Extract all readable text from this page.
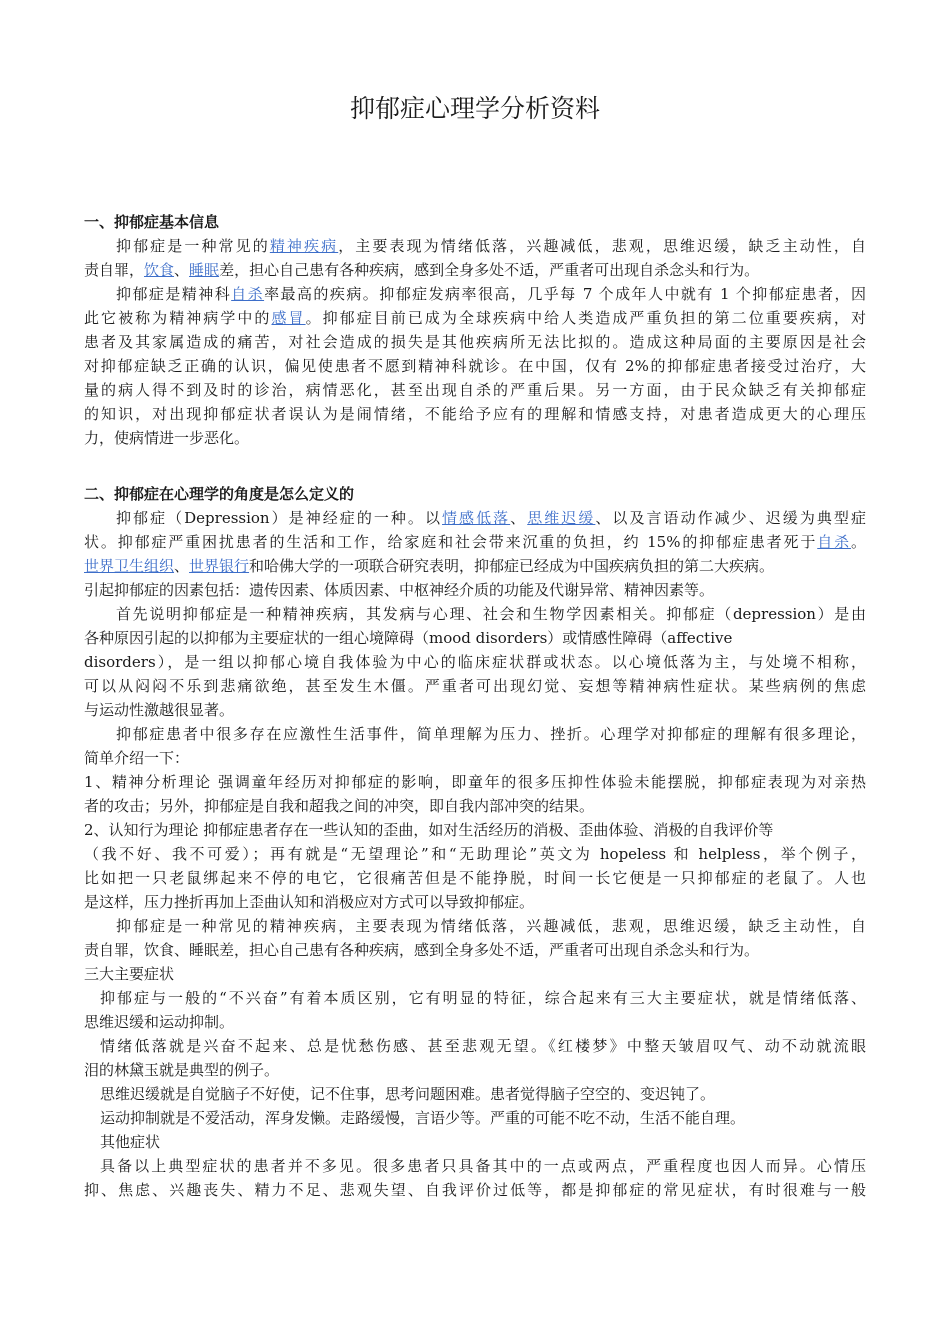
抑郁症心理学分析资料
一、抑郁症基本信息
抑郁症是一种常见的精神疾病，主要表现为情绪低落，兴趣减低，悲观，思维迟缓，缺乏主动性，自
责自罪，饮食、睡眠差，担心自己患有各种疾病，感到全身多处不适，严重者可出现自杀念头和行为。
抑郁症是精神科自杀率最高的疾病。抑郁症发病率很高，几乎每 7 个成年人中就有 1 个抑郁症患者，因
此它被称为精神病学中的感冒。抑郁症目前已成为全球疾病中给人类造成严重负担的第二位重要疾病，对
患者及其家属造成的痛苦，对社会造成的损失是其他疾病所无法比拟的。造成这种局面的主要原因是社会
对抑郁症缺乏正确的认识，偏见使患者不愿到精神科就诊。在中国，仅有 2%的抑郁症患者接受过治疗，大
量的病人得不到及时的诊治，病情恶化，甚至出现自杀的严重后果。另一方面，由于民众缺乏有关抑郁症
的知识，对出现抑郁症状者误认为是闹情绪，不能给予应有的理解和情感支持，对患者造成更大的心理压
力，使病情进一步恶化。
二、抑郁症在心理学的角度是怎么定义的
抑郁症（Depression）是神经症的一种。以情感低落、思维迟缓、以及言语动作减少、迟缓为典型症
状。抑郁症严重困扰患者的生活和工作，给家庭和社会带来沉重的负担，约 15%的抑郁症患者死于自杀。
世界卫生组织、世界银行和哈佛大学的一项联合研究表明，抑郁症已经成为中国疾病负担的第二大疾病。
引起抑郁症的因素包括：遗传因素、体质因素、中枢神经介质的功能及代谢异常、精神因素等。
首先说明抑郁症是一种精神疾病，其发病与心理、社会和生物学因素相关。抑郁症（depression）是由
各种原因引起的以抑郁为主要症状的一组心境障碍（mood disorders）或情感性障碍（affective
disorders），是一组以抑郁心境自我体验为中心的临床症状群或状态。以心境低落为主，与处境不相称，
可以从闷闷不乐到悲痛欲绝，甚至发生木僵。严重者可出现幻觉、妄想等精神病性症状。某些病例的焦虑
与运动性激越很显著。
抑郁症患者中很多存在应激性生活事件，简单理解为压力、挫折。心理学对抑郁症的理解有很多理论，
简单介绍一下：
1、精神分析理论 强调童年经历对抑郁症的影响，即童年的很多压抑性体验未能摆脱，抑郁症表现为对亲热
者的攻击；另外，抑郁症是自我和超我之间的冲突，即自我内部冲突的结果。
2、认知行为理论 抑郁症患者存在一些认知的歪曲，如对生活经历的消极、歪曲体验、消极的自我评价等
（我不好、我不可爱）；再有就是“无望理论”和“无助理论”英文为 hopeless 和 helpless，举个例子，
比如把一只老鼠绑起来不停的电它，它很痛苦但是不能挣脱，时间一长它便是一只抑郁症的老鼠了。人也
是这样，压力挫折再加上歪曲认知和消极应对方式可以导致抑郁症。
抑郁症是一种常见的精神疾病，主要表现为情绪低落，兴趣减低，悲观，思维迟缓，缺乏主动性，自
责自罪，饮食、睡眠差，担心自己患有各种疾病，感到全身多处不适，严重者可出现自杀念头和行为。
三大主要症状
抑郁症与一般的“不兴奋”有着本质区别，它有明显的特征，综合起来有三大主要症状，就是情绪低落、
思维迟缓和运动抑制。
情绪低落就是兴奋不起来、总是忧愁伤感、甚至悲观无望。《红楼梦》中整天皱眉叹气、动不动就流眼
泪的林黛玉就是典型的例子。
思维迟缓就是自觉脑子不好使，记不住事，思考问题困难。患者觉得脑子空空的、变迟钝了。
运动抑制就是不爱活动，浑身发懒。走路缓慢，言语少等。严重的可能不吃不动，生活不能自理。
其他症状
具备以上典型症状的患者并不多见。很多患者只具备其中的一点或两点，严重程度也因人而异。心情压
抑、焦虑、兴趣丧失、精力不足、悲观失望、自我评价过低等，都是抑郁症的常见症状，有时很难与一般
